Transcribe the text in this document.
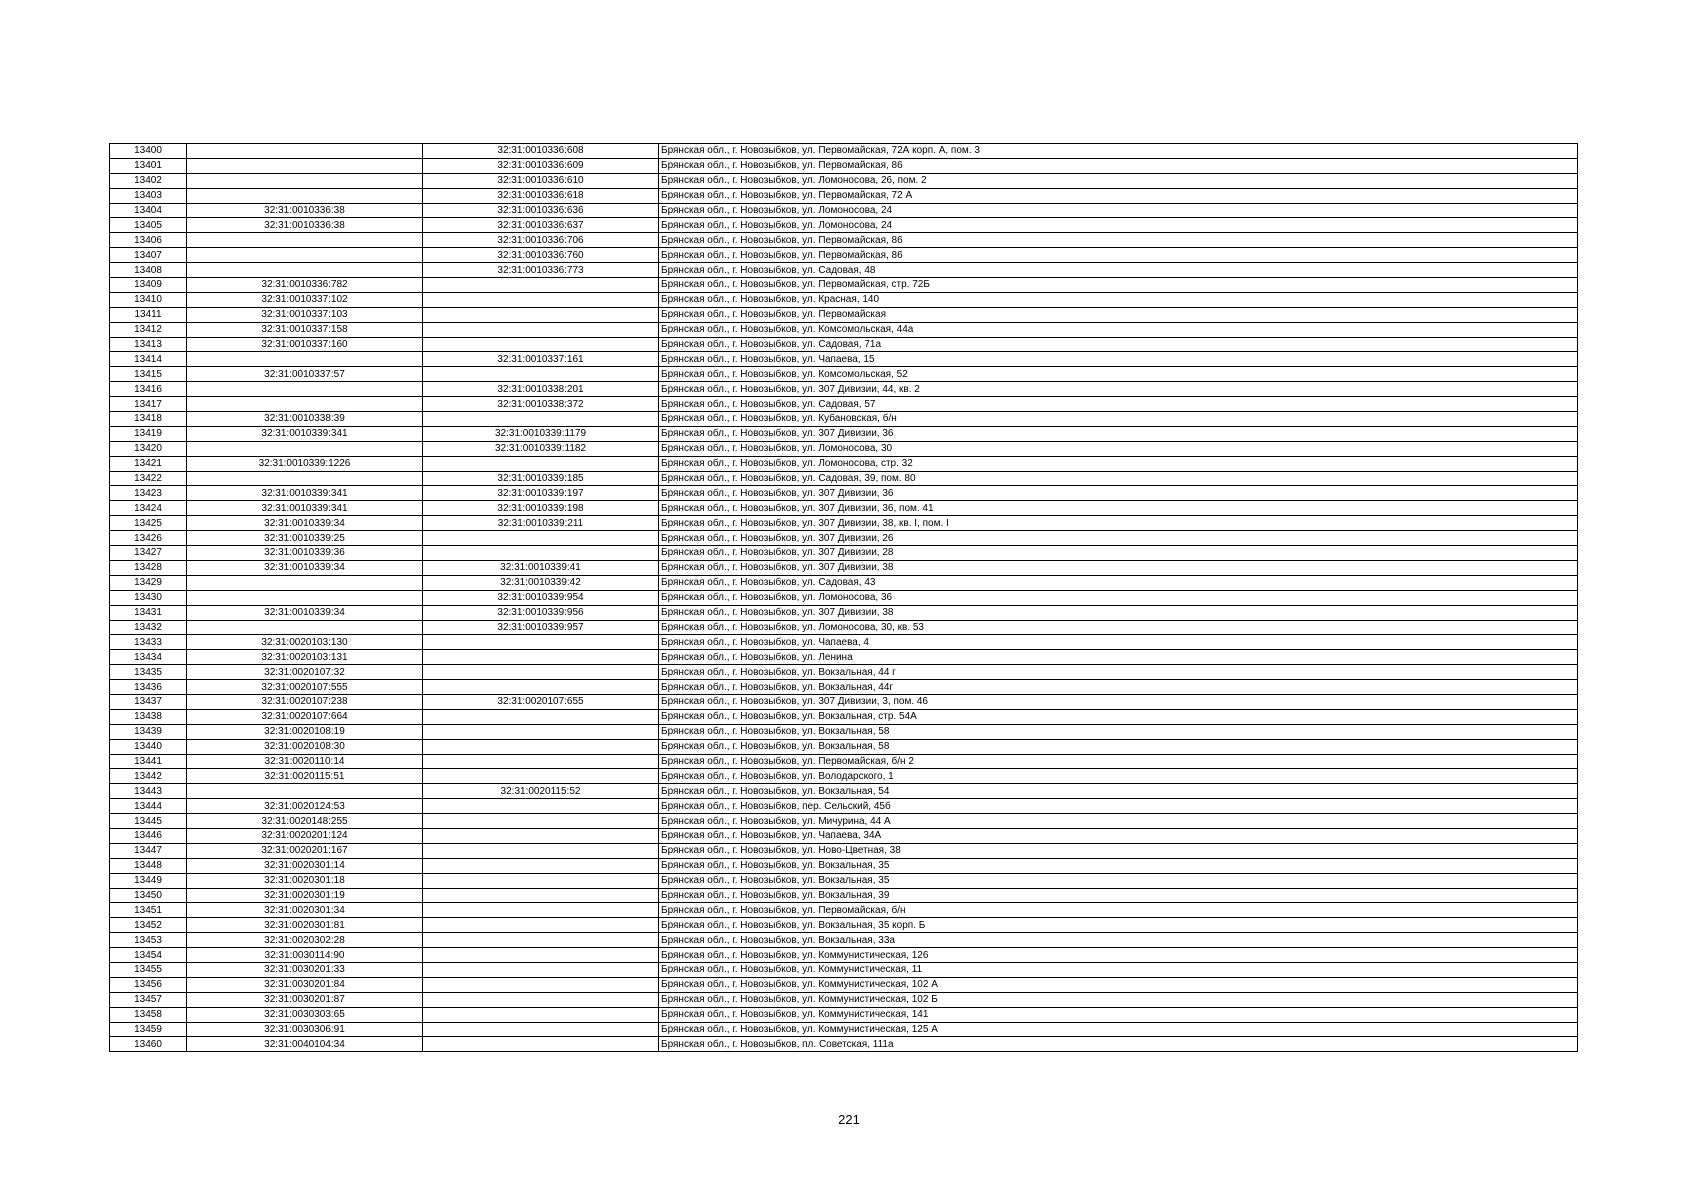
13400		32:31:0010336:608	Брянская обл., г. Новозыбков, ул. Первомайская, 72А корп. А, пом. 3
13401		32:31:0010336:609	Брянская обл., г. Новозыбков, ул. Первомайская, 86
13402		32:31:0010336:610	Брянская обл., г. Новозыбков, ул. Ломоносова, 26, пом. 2
13403		32:31:0010336:618	Брянская обл., г. Новозыбков, ул. Первомайская, 72 А
13404	32:31:0010336:38	32:31:0010336:636	Брянская обл., г. Новозыбков, ул. Ломоносова, 24
13405	32:31:0010336:38	32:31:0010336:637	Брянская обл., г. Новозыбков, ул. Ломоносова, 24
13406		32:31:0010336:706	Брянская обл., г. Новозыбков, ул. Первомайская, 86
13407		32:31:0010336:760	Брянская обл., г. Новозыбков, ул. Первомайская, 86
13408		32:31:0010336:773	Брянская обл., г. Новозыбков, ул. Садовая, 48
13409	32:31:0010336:782		Брянская обл., г. Новозыбков, ул. Первомайская, стр. 72Б
13410	32:31:0010337:102		Брянская обл., г. Новозыбков, ул. Красная, 140
13411	32:31:0010337:103		Брянская обл., г. Новозыбков, ул. Первомайская
13412	32:31:0010337:158		Брянская обл., г. Новозыбков, ул. Комсомольская, 44а
13413	32:31:0010337:160		Брянская обл., г. Новозыбков, ул. Садовая, 71а
13414		32:31:0010337:161	Брянская обл., г. Новозыбков, ул. Чапаева, 15
13415	32:31:0010337:57		Брянская обл., г. Новозыбков, ул. Комсомольская, 52
13416		32:31:0010338:201	Брянская обл., г. Новозыбков, ул. 307 Дивизии, 44, кв. 2
13417		32:31:0010338:372	Брянская обл., г. Новозыбков, ул. Садовая, 57
13418	32:31:0010338:39		Брянская обл., г. Новозыбков, ул. Кубановская, б/н
13419	32:31:0010339:341	32:31:0010339:1179	Брянская обл., г. Новозыбков, ул. 307 Дивизии, 36
13420		32:31:0010339:1182	Брянская обл., г. Новозыбков, ул. Ломоносова, 30
13421	32:31:0010339:1226		Брянская обл., г. Новозыбков, ул. Ломоносова, стр. 32
13422		32:31:0010339:185	Брянская обл., г. Новозыбков, ул. Садовая, 39, пом. 80
13423	32:31:0010339:341	32:31:0010339:197	Брянская обл., г. Новозыбков, ул. 307 Дивизии, 36
13424	32:31:0010339:341	32:31:0010339:198	Брянская обл., г. Новозыбков, ул. 307 Дивизии, 36, пом. 41
13425	32:31:0010339:34	32:31:0010339:211	Брянская обл., г. Новозыбков, ул. 307 Дивизии, 38, кв. I, пом. I
13426	32:31:0010339:25		Брянская обл., г. Новозыбков, ул. 307 Дивизии, 26
13427	32:31:0010339:36		Брянская обл., г. Новозыбков, ул. 307 Дивизии, 28
13428	32:31:0010339:34	32:31:0010339:41	Брянская обл., г. Новозыбков, ул. 307 Дивизии, 38
13429		32:31:0010339:42	Брянская обл., г. Новозыбков, ул. Садовая, 43
13430		32:31:0010339:954	Брянская обл., г. Новозыбков, ул. Ломоносова, 36
13431	32:31:0010339:34	32:31:0010339:956	Брянская обл., г. Новозыбков, ул. 307 Дивизии, 38
13432		32:31:0010339:957	Брянская обл., г. Новозыбков, ул. Ломоносова, 30, кв. 53
13433	32:31:0020103:130		Брянская обл., г. Новозыбков, ул. Чапаева, 4
13434	32:31:0020103:131		Брянская обл., г. Новозыбков, ул. Ленина
13435	32:31:0020107:32		Брянская обл., г. Новозыбков, ул. Вокзальная, 44 г
13436	32:31:0020107:555		Брянская обл., г. Новозыбков, ул. Вокзальная, 44г
13437	32:31:0020107:238	32:31:0020107:655	Брянская обл., г. Новозыбков, ул. 307 Дивизии, 3, пом. 46
13438	32:31:0020107:664		Брянская обл., г. Новозыбков, ул. Вокзальная, стр. 54А
13439	32:31:0020108:19		Брянская обл., г. Новозыбков, ул. Вокзальная, 58
13440	32:31:0020108:30		Брянская обл., г. Новозыбков, ул. Вокзальная, 58
13441	32:31:0020110:14		Брянская обл., г. Новозыбков, ул. Первомайская, б/н 2
13442	32:31:0020115:51		Брянская обл., г. Новозыбков, ул. Володарского, 1
13443		32:31:0020115:52	Брянская обл., г. Новозыбков, ул. Вокзальная, 54
13444	32:31:0020124:53		Брянская обл., г. Новозыбков, пер. Сельский, 45б
13445	32:31:0020148:255		Брянская обл., г. Новозыбков, ул. Мичурина, 44 А
13446	32:31:0020201:124		Брянская обл., г. Новозыбков, ул. Чапаева, 34А
13447	32:31:0020201:167		Брянская обл., г. Новозыбков, ул. Ново-Цветная, 38
13448	32:31:0020301:14		Брянская обл., г. Новозыбков, ул. Вокзальная, 35
13449	32:31:0020301:18		Брянская обл., г. Новозыбков, ул. Вокзальная, 35
13450	32:31:0020301:19		Брянская обл., г. Новозыбков, ул. Вокзальная, 39
13451	32:31:0020301:34		Брянская обл., г. Новозыбков, ул. Первомайская, б/н
13452	32:31:0020301:81		Брянская обл., г. Новозыбков, ул. Вокзальная, 35 корп. Б
13453	32:31:0020302:28		Брянская обл., г. Новозыбков, ул. Вокзальная, 33а
13454	32:31:0030114:90		Брянская обл., г. Новозыбков, ул. Коммунистическая, 126
13455	32:31:0030201:33		Брянская обл., г. Новозыбков, ул. Коммунистическая, 11
13456	32:31:0030201:84		Брянская обл., г. Новозыбков, ул. Коммунистическая, 102 А
13457	32:31:0030201:87		Брянская обл., г. Новозыбков, ул. Коммунистическая, 102 Б
13458	32:31:0030303:65		Брянская обл., г. Новозыбков, ул. Коммунистическая, 141
13459	32:31:0030306:91		Брянская обл., г. Новозыбков, ул. Коммунистическая, 125 А
13460	32:31:0040104:34		Брянская обл., г. Новозыбков, пл. Советская, 111а
221
